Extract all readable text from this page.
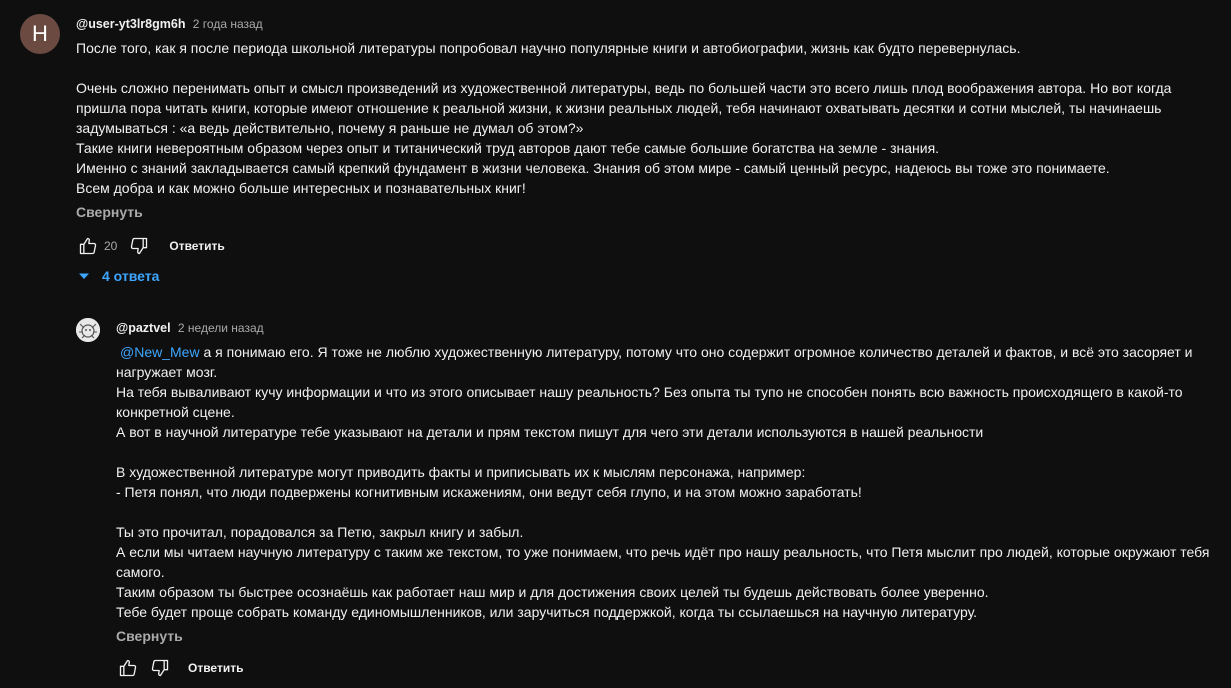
H	@user-yt3lr8gm6h 2 года назад

После того, как я после периода школьной литературы попробовал научно популярные книги и автобиографии, жизнь как будто перевернулась.

Очень сложно перенимать опыт и смысл произведений из художественной литературы, ведь по большей части это всего лишь плод воображения автора. Но вот когда пришла пора читать книги, которые имеют отношение к реальной жизни, к жизни реальных людей, тебя начинают охватывать десятки и сотни мыслей, ты начинаешь задумываться : «а ведь действительно, почему я раньше не думал об этом?»
Такие книги невероятным образом через опыт и титанический труд авторов дают тебе самые большие богатства на земле - знания.
Именно с знаний закладывается самый крепкий фундамент в жизни человека. Знания об этом мире - самый ценный ресурс, надеюсь вы тоже это понимаете.
Всем добра и как можно больше интересных и познавательных книг!

Свернуть
20	Ответить
4 ответа
@paztvel 2 недели назад

@New_Mew а я понимаю его. Я тоже не люблю художественную литературу, потому что оно содержит огромное количество деталей и фактов, и всё это засоряет и нагружает мозг.
На тебя вываливают кучу информации и что из этого описывает нашу реальность? Без опыта ты тупо не способен понять всю важность происходящего в какой-то конкретной сцене.
А вот в научной литературе тебе указывают на детали и прям текстом пишут для чего эти детали используются в нашей реальности

В художественной литературе могут приводить факты и приписывать их к мыслям персонажа, например:
- Петя понял, что люди подвержены когнитивным искажениям, они ведут себя глупо, и на этом можно заработать!

Ты это прочитал, порадовался за Петю, закрыл книгу и забыл.
А если мы читаем научную литературу с таким же текстом, то уже понимаем, что речь идёт про нашу реальность, что Петя мыслит про людей, которые окружают тебя самого.
Таким образом ты быстрее осознаёшь как работает наш мир и для достижения своих целей ты будешь действовать более уверенно.
Тебе будет проще собрать команду единомышленников, или заручиться поддержкой, когда ты ссылаешься на научную литературу.

Свернуть
Ответить
